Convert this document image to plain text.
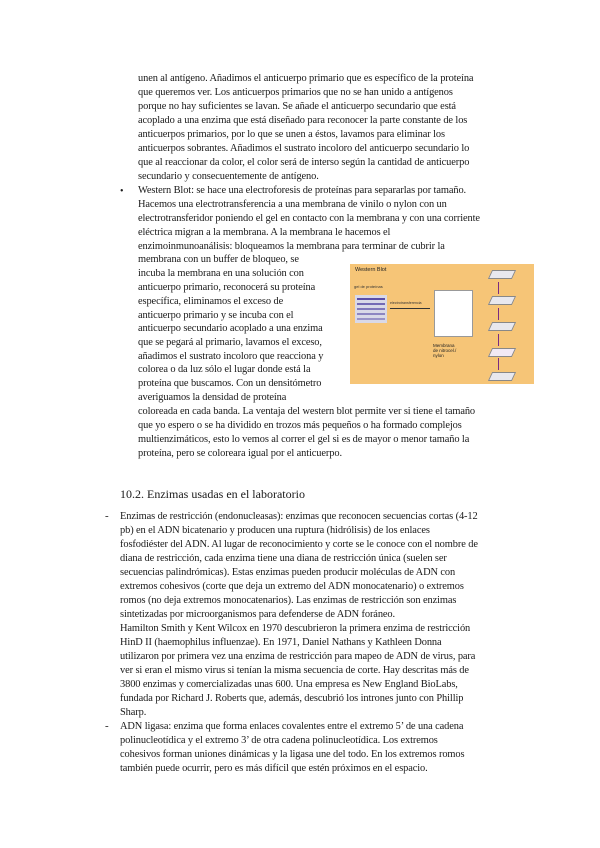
unen al antígeno. Añadimos el anticuerpo primario que es específico de la proteína
que queremos ver. Los anticuerpos primarios que no se han unido a antígenos
porque no hay suficientes se lavan. Se añade el anticuerpo secundario que está
acoplado a una enzima que está diseñado para reconocer la parte constante de los
anticuerpos primarios, por lo que se unen a éstos, lavamos para eliminar los
anticuerpos sobrantes. Añadimos el sustrato incoloro del anticuerpo secundario lo
que al reaccionar da color, el color será de interso según la cantidad de anticuerpo
secundario y consecuentemente de antígeno.
• Western Blot: se hace una electroforesis de proteínas para separarlas por tamaño.
Hacemos una electrotransferencia a una membrana de vinilo o nylon con un
electrotransferidor poniendo el gel en contacto con la membrana y con una corriente
eléctrica migran a la membrana. A la membrana le hacemos el
enzimoinmunoanálisis: bloqueamos la membrana para terminar de cubrir la
membrana con un buffer de bloqueo, se
incuba la membrana en una solución con
anticuerpo primario, reconocerá su proteína
específica, eliminamos el exceso de
anticuerpo primario y se incuba con el
anticuerpo secundario acoplado a una enzima
que se pegará al primario, lavamos el exceso,
añadimos el sustrato incoloro que reacciona y
colorea o da luz sólo el lugar donde está la
proteína que buscamos. Con un densitómetro
averiguamos la densidad de proteína
coloreada en cada banda. La ventaja del western blot permite ver si tiene el tamaño
que yo espero o se ha dividido en trozos más pequeños o ha formado complejos
multienzimáticos, esto lo vemos al correr el gel si es de mayor o menor tamaño la
proteína, pero se coloreara igual por el anticuerpo.
Western Blot
gel de proteínas
electrotransferencia
Membrana
de nitrocel./
nylon
10.2. Enzimas usadas en el laboratorio
- Enzimas de restricción (endonucleasas): enzimas que reconocen secuencias cortas (4-12
pb) en el ADN bicatenario y producen una ruptura (hidrólisis) de los enlaces
fosfodiéster del ADN. Al lugar de reconocimiento y corte se le conoce con el nombre de
diana de restricción, cada enzima tiene una diana de restricción única (suelen ser
secuencias palindrómicas). Estas enzimas pueden producir moléculas de ADN con
extremos cohesivos (corte que deja un extremo del ADN monocatenario) o extremos
romos (no deja extremos monocatenarios). Las enzimas de restricción son enzimas
sintetizadas por microorganismos para defenderse de ADN foráneo.
Hamilton Smith y Kent Wilcox en 1970 descubrieron la primera enzima de restricción
HinD II (haemophilus influenzae). En 1971, Daniel Nathans y Kathleen Donna
utilizaron por primera vez una enzima de restricción para mapeo de ADN de virus, para
ver si eran el mismo virus si tenían la misma secuencia de corte. Hay descritas más de
3800 enzimas y comercializadas unas 600. Una empresa es New England BioLabs,
fundada por Richard J. Roberts que, además, descubrió los intrones junto con Phillip
Sharp.
- ADN ligasa: enzima que forma enlaces covalentes entre el extremo 5’ de una cadena
polinucleotídica y el extremo 3’ de otra cadena polinucleotídica. Los extremos
cohesivos forman uniones dinámicas y la ligasa une del todo. En los extremos romos
también puede ocurrir, pero es más difícil que estén próximos en el espacio.
